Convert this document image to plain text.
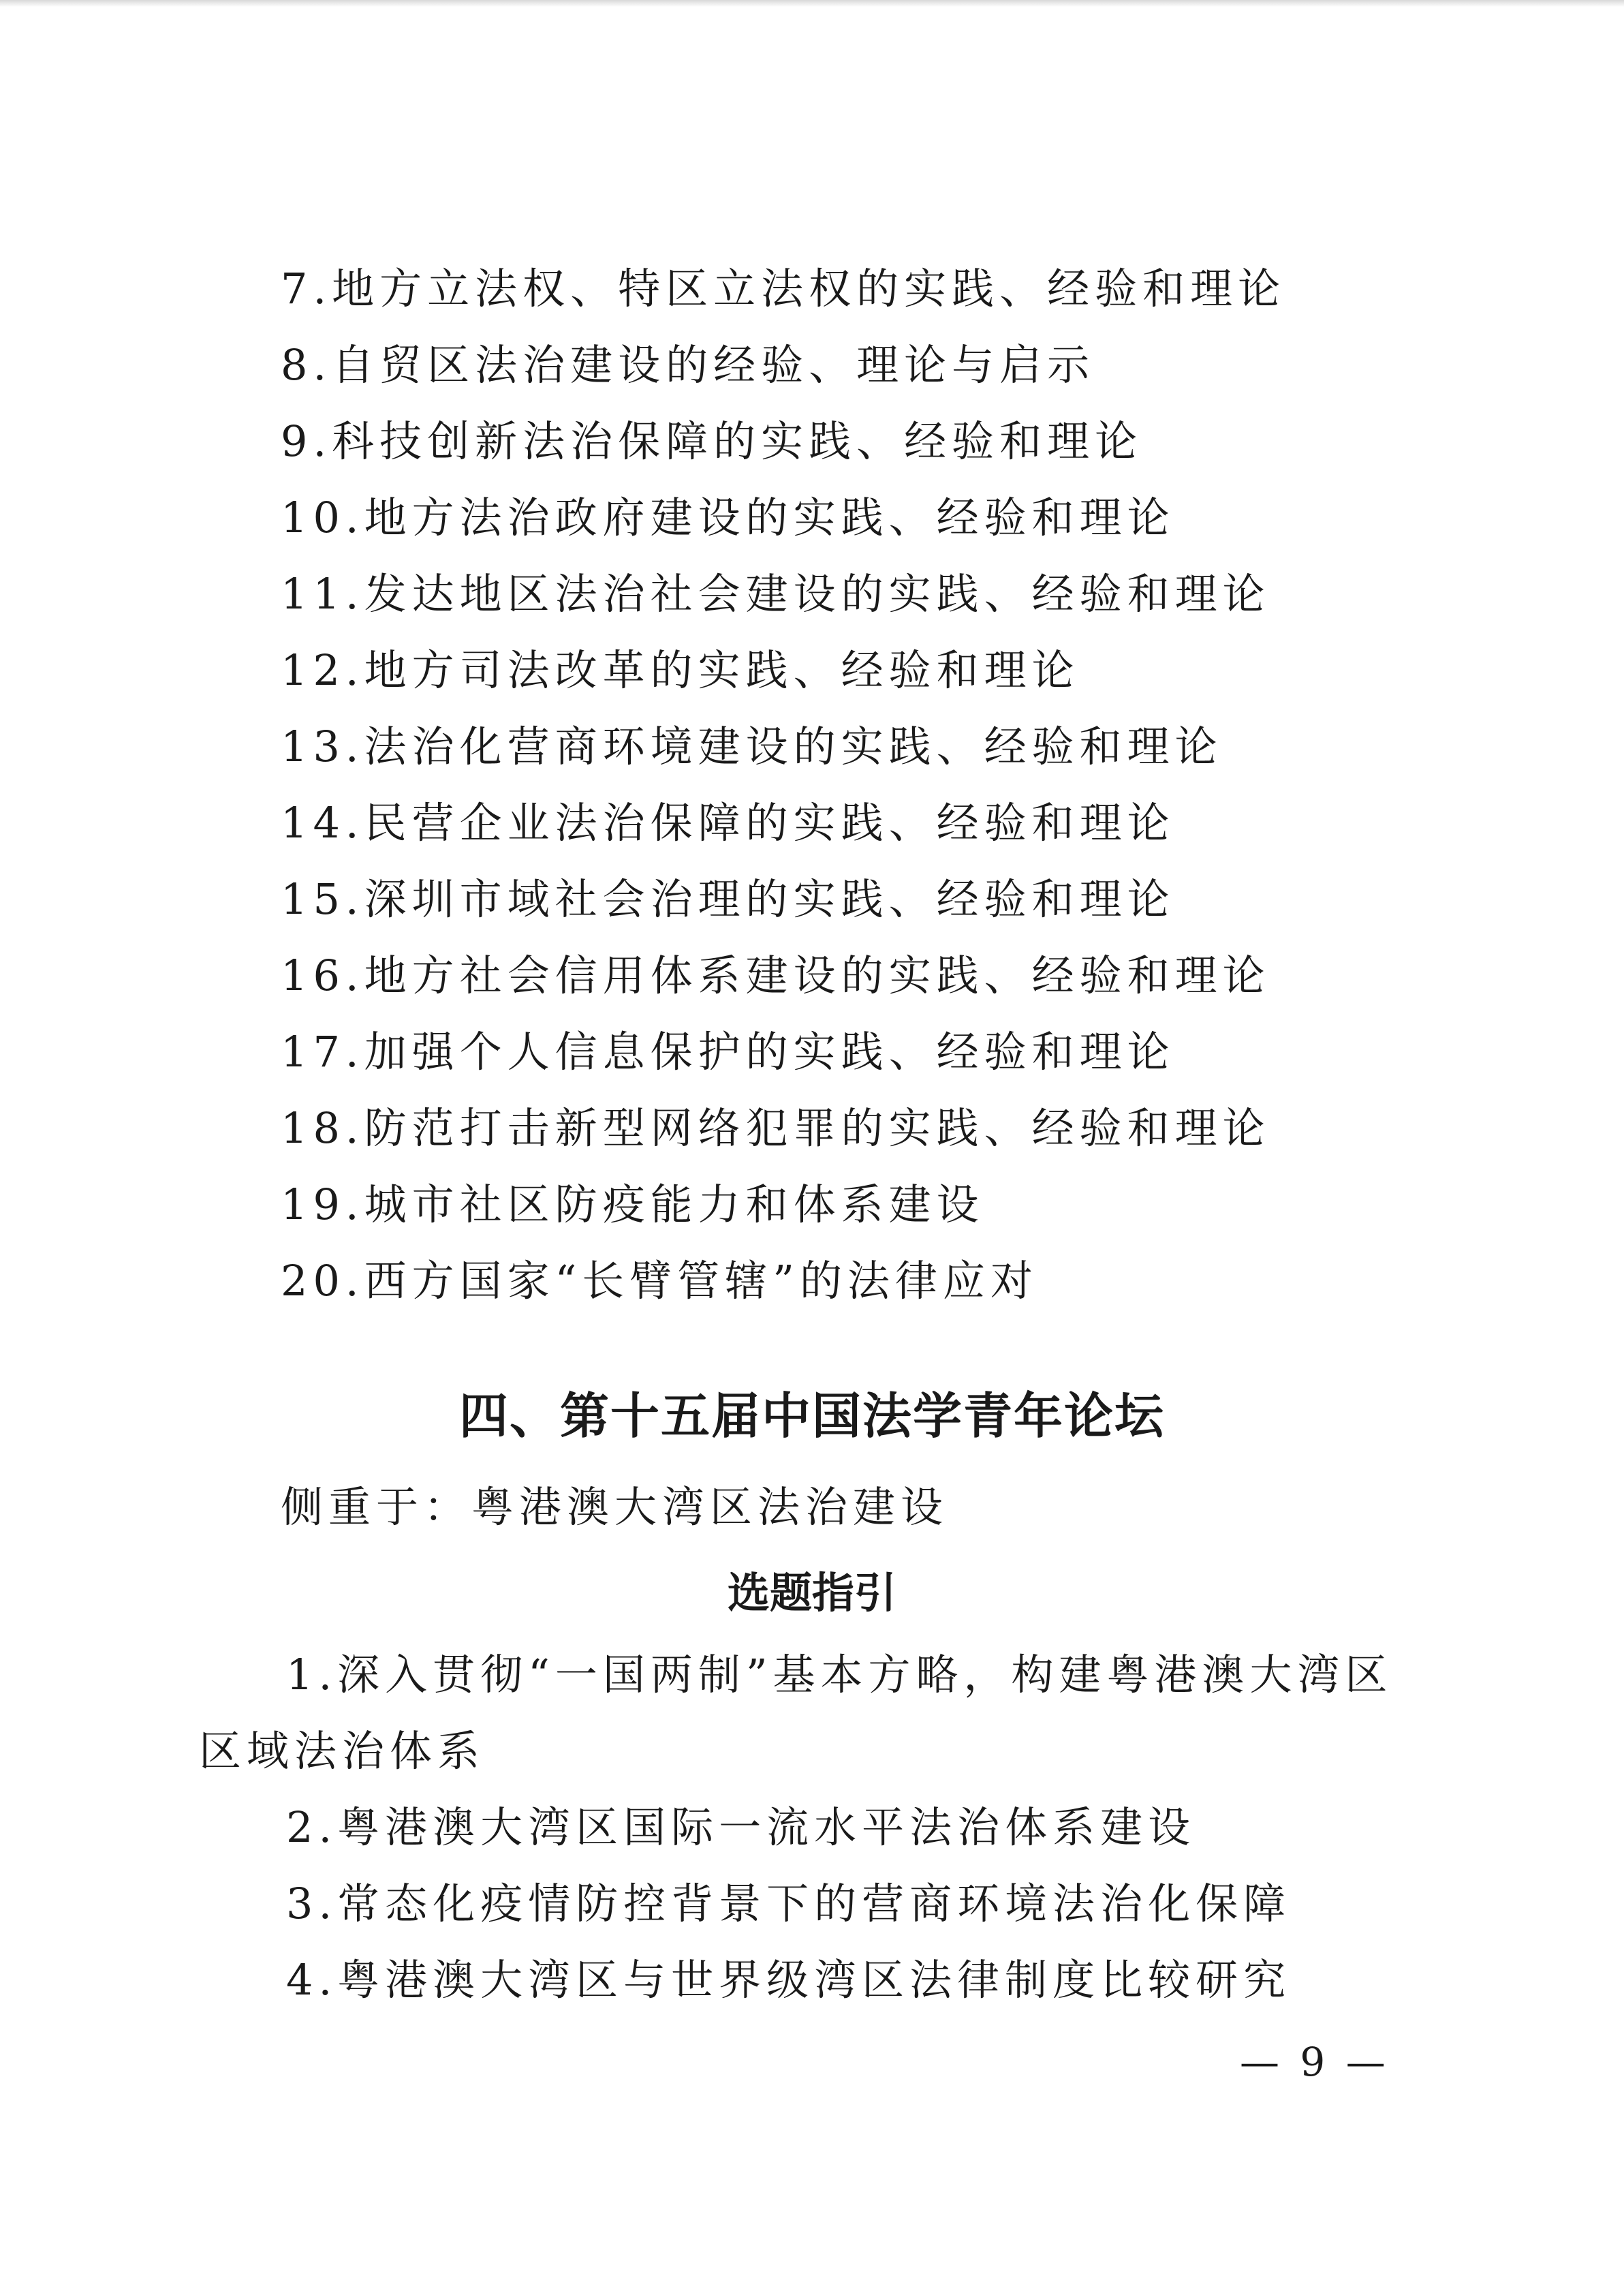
7.地方立法权、特区立法权的实践、经验和理论
8.自贸区法治建设的经验、理论与启示
9.科技创新法治保障的实践、经验和理论
10.地方法治政府建设的实践、经验和理论
11.发达地区法治社会建设的实践、经验和理论
12.地方司法改革的实践、经验和理论
13.法治化营商环境建设的实践、经验和理论
14.民营企业法治保障的实践、经验和理论
15.深圳市域社会治理的实践、经验和理论
16.地方社会信用体系建设的实践、经验和理论
17.加强个人信息保护的实践、经验和理论
18.防范打击新型网络犯罪的实践、经验和理论
19.城市社区防疫能力和体系建设
20.西方国家“长臂管辖”的法律应对
四、第十五届中国法学青年论坛
侧重于：粤港澳大湾区法治建设
选题指引
1.深入贯彻“一国两制”基本方略，构建粤港澳大湾区区域法治体系
2.粤港澳大湾区国际一流水平法治体系建设
3.常态化疫情防控背景下的营商环境法治化保障
4.粤港澳大湾区与世界级湾区法律制度比较研究
— 9 —
